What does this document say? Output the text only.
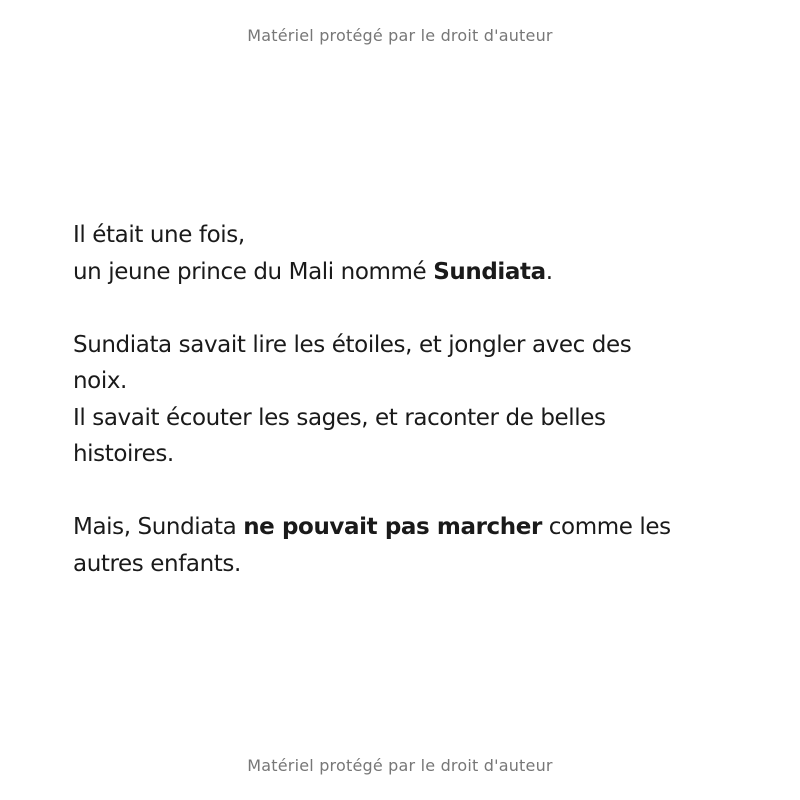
Matériel protégé par le droit d'auteur

Il était une fois,
un jeune prince du Mali nommé Sundiata.

Sundiata savait lire les étoiles, et jongler avec des
noix.
Il savait écouter les sages, et raconter de belles
histoires.

Mais, Sundiata ne pouvait pas marcher comme les
autres enfants.

Matériel protégé par le droit d'auteur
